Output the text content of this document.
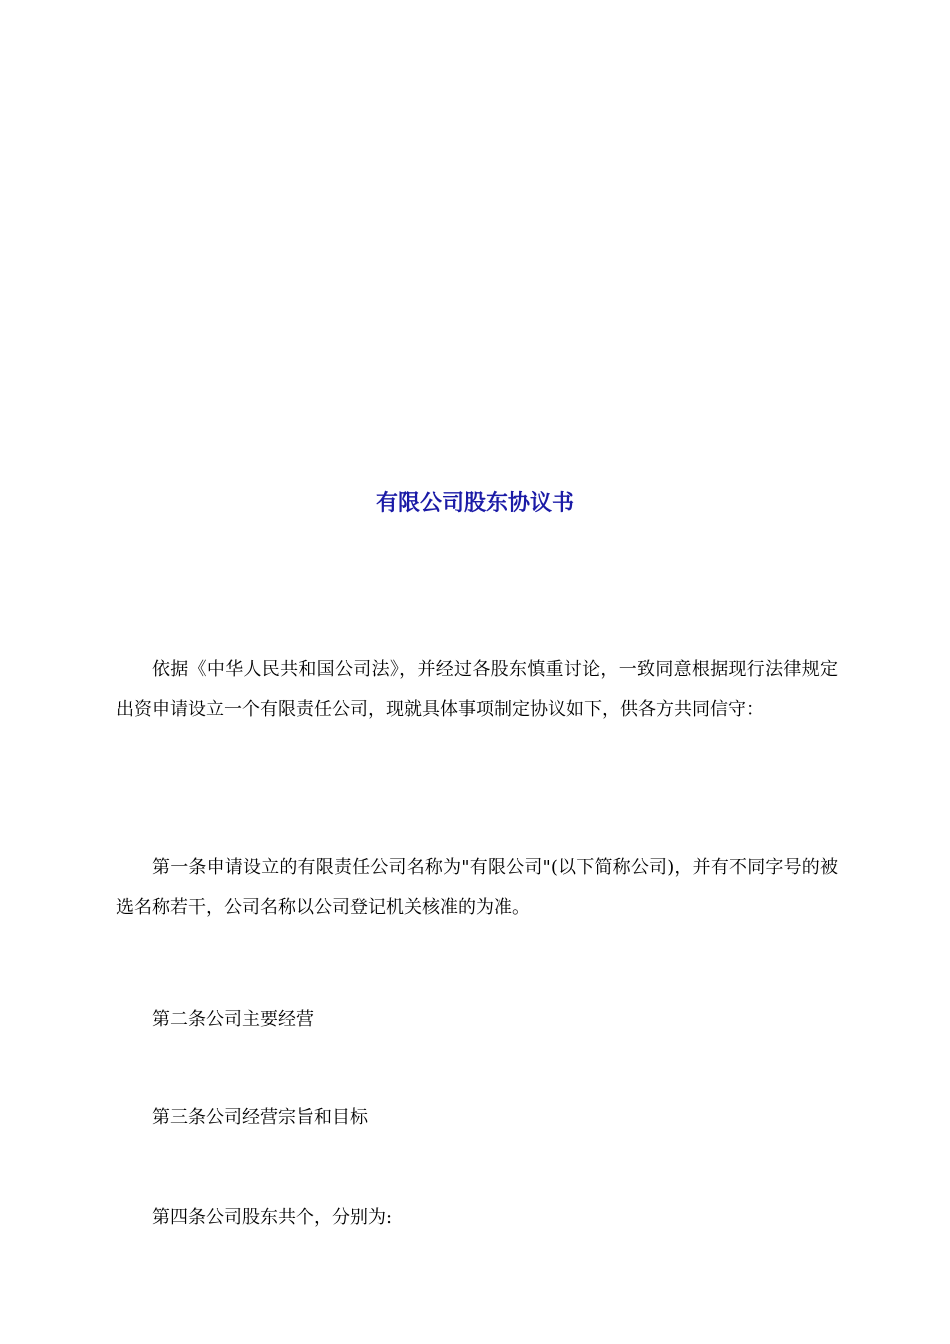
有限公司股东协议书

依据《中华人民共和国公司法》，并经过各股东慎重讨论，一致同意根据现行法律规定出资申请设立一个有限责任公司，现就具体事项制定协议如下，供各方共同信守：

第一条申请设立的有限责任公司名称为"有限公司"(以下简称公司)，并有不同字号的被选名称若干，公司名称以公司登记机关核准的为准。

第二条公司主要经营

第三条公司经营宗旨和目标

第四条公司股东共个，分别为:
